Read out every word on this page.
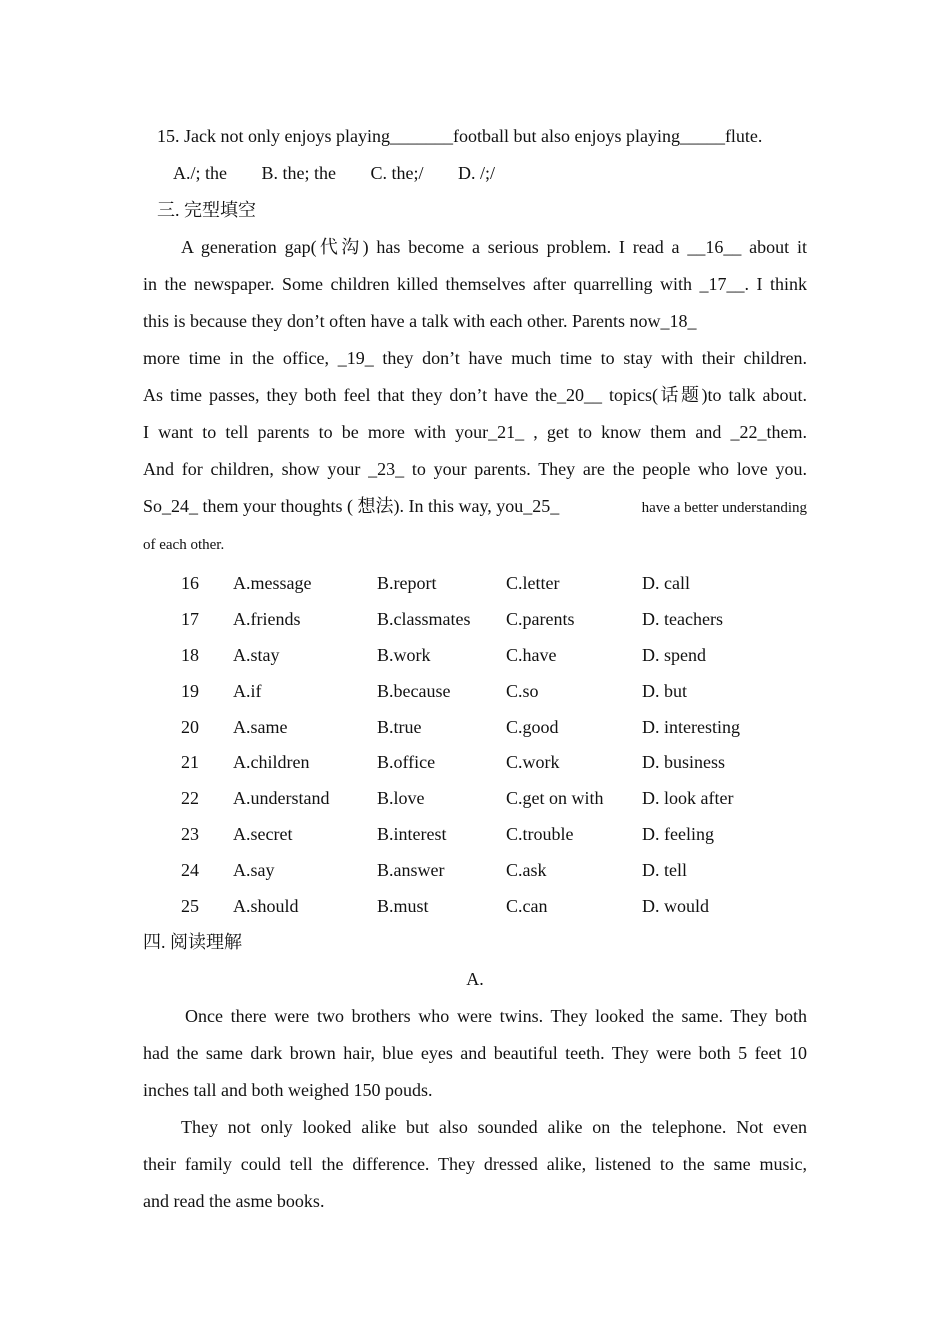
15. Jack not only enjoys playing_______football but also enjoys playing_____flute.
A./; the B. the; the C. the;/ D. /;/
三. 完型填空
A generation gap(代沟) has become a serious problem. I read a __16__ about it
in the newspaper. Some children killed themselves after quarrelling with _17__. I think
this is because they don’t often have a talk with each other. Parents now_18_
more time in the office, _19_ they don’t have much time to stay with their children.
As time passes, they both feel that they don’t have the_20__ topics(话题)to talk about.
I want to tell parents to be more with your_21_ , get to know them and _22_them.
And for children, show your _23_ to your parents. They are the people who love you.
So_24_ them your thoughts ( 想法). In this way, you_25_	have a better understanding
of each other.
16	A.message	B.report	C.letter	D. call
17	A.friends	B.classmates	C.parents	D. teachers
18	A.stay	B.work	C.have	D. spend
19	A.if	B.because	C.so	D. but
20	A.same	B.true	C.good	D. interesting
21	A.children	B.office	C.work	D. business
22	A.understand	B.love	C.get on with	D. look after
23	A.secret	B.interest	C.trouble	D. feeling
24	A.say	B.answer	C.ask	D. tell
25	A.should	B.must	C.can	D. would
四. 阅读理解
A.
Once there were two brothers who were twins. They looked the same. They both
had the same dark brown hair, blue eyes and beautiful teeth. They were both 5 feet 10
inches tall and both weighed 150 pouds.
They not only looked alike but also sounded alike on the telephone. Not even
their family could tell the difference. They dressed alike, listened to the same music,
and read the asme books.
